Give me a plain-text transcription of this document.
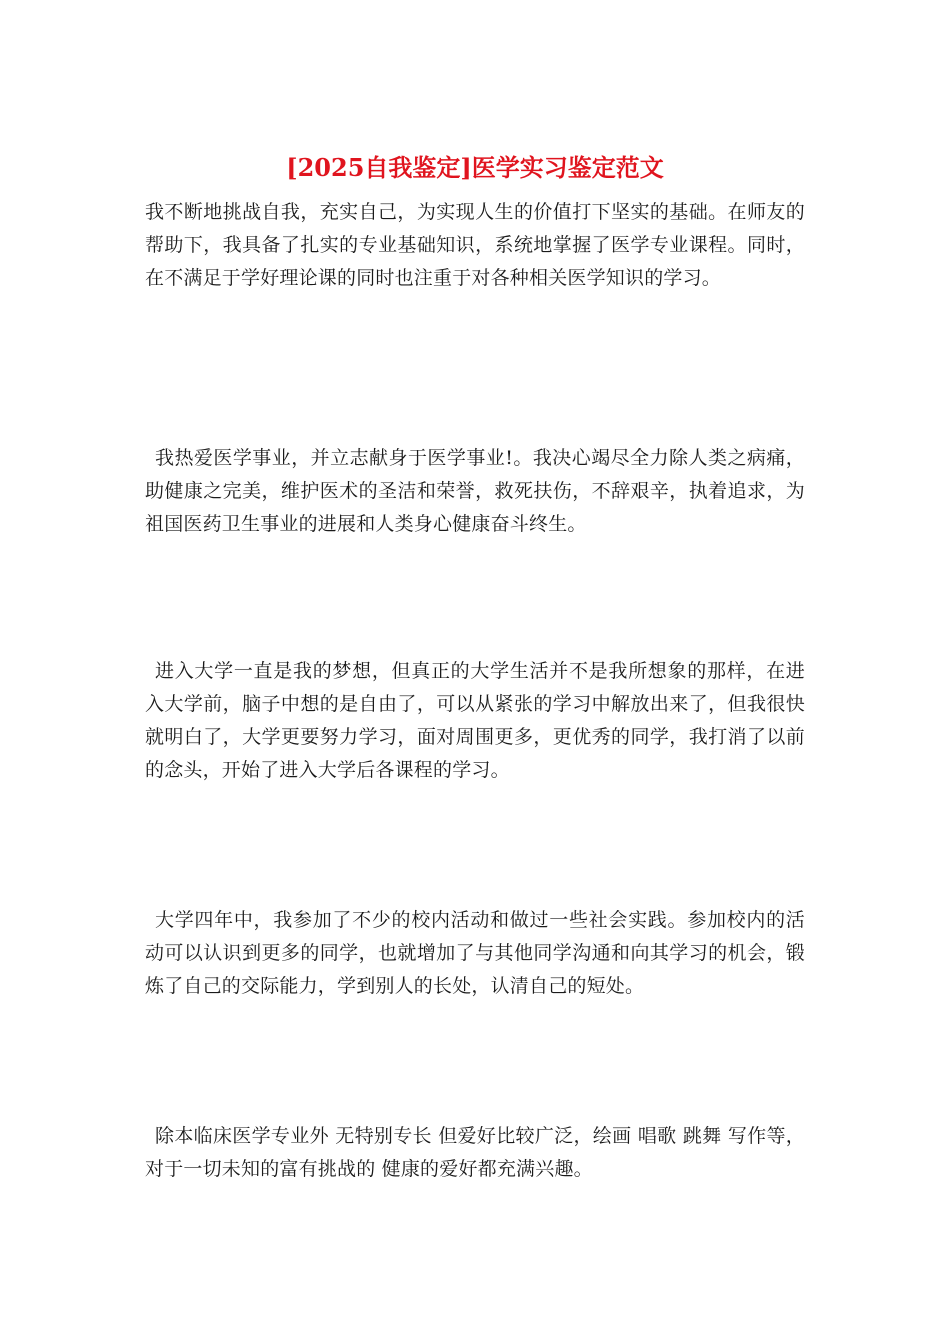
[2025自我鉴定]医学实习鉴定范文

我不断地挑战自我，充实自己，为实现人生的价值打下坚实的基础。在师友的帮助下，我具备了扎实的专业基础知识，系统地掌握了医学专业课程。同时，在不满足于学好理论课的同时也注重于对各种相关医学知识的学习。

我热爱医学事业，并立志献身于医学事业!。我决心竭尽全力除人类之病痛，助健康之完美，维护医术的圣洁和荣誉，救死扶伤，不辞艰辛，执着追求，为祖国医药卫生事业的进展和人类身心健康奋斗终生。

进入大学一直是我的梦想，但真正的大学生活并不是我所想象的那样，在进入大学前，脑子中想的是自由了，可以从紧张的学习中解放出来了，但我很快就明白了，大学更要努力学习，面对周围更多，更优秀的同学，我打消了以前的念头，开始了进入大学后各课程的学习。

大学四年中，我参加了不少的校内活动和做过一些社会实践。参加校内的活动可以认识到更多的同学，也就增加了与其他同学沟通和向其学习的机会，锻炼了自己的交际能力，学到别人的长处，认清自己的短处。

除本临床医学专业外 无特别专长 但爱好比较广泛，绘画 唱歌 跳舞 写作等，对于一切未知的富有挑战的 健康的爱好都充满兴趣。
